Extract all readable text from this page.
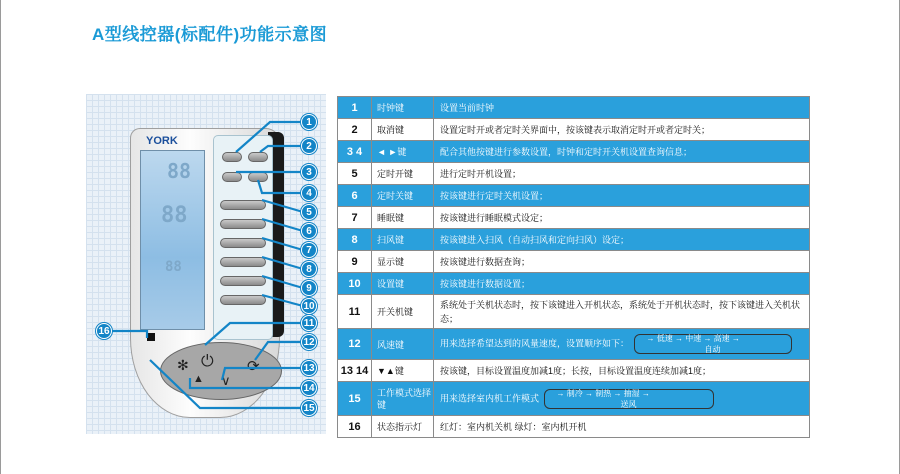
A型线控器(标配件)功能示意图
YORK
88
88
88
✻ ⏻
▲ ∨
⟳
1
2
3
4
5
6
7
8
9
10
11
12
13
14
15
16
1	时钟键	设置当前时钟
2	取消键	设置定时开或者定时关界面中，按该键表示取消定时开或者定时关；
3 4	◄ ►键	配合其他按键进行参数设置，时钟和定时开关机设置查询信息；
5	定时开键	进行定时开机设置；
6	定时关键	按该键进行定时关机设置；
7	睡眠键	按该键进行睡眠模式设定；
8	扫风键	按该键进入扫风（自动扫风和定向扫风）设定；
9	显示键	按该键进行数据查询；
10	设置键	按该键进行数据设置；
11	开关机键	系统处于关机状态时，按下该键进入开机状态，系统处于开机状态时，按下该键进入关机状态；
12	风速键	用来选择希望达到的风量速度，设置顺序如下： → 低速 → 中速 → 高速 →
自动

13 14	▼▲键	按该键，目标设置温度加减1度；长按，目标设置温度连续加减1度；
15	工作模式选择键	用来选择室内机工作模式 → 制冷 → 制热 → 抽湿 →
送风

16	状态指示灯	红灯：室内机关机 绿灯：室内机开机
